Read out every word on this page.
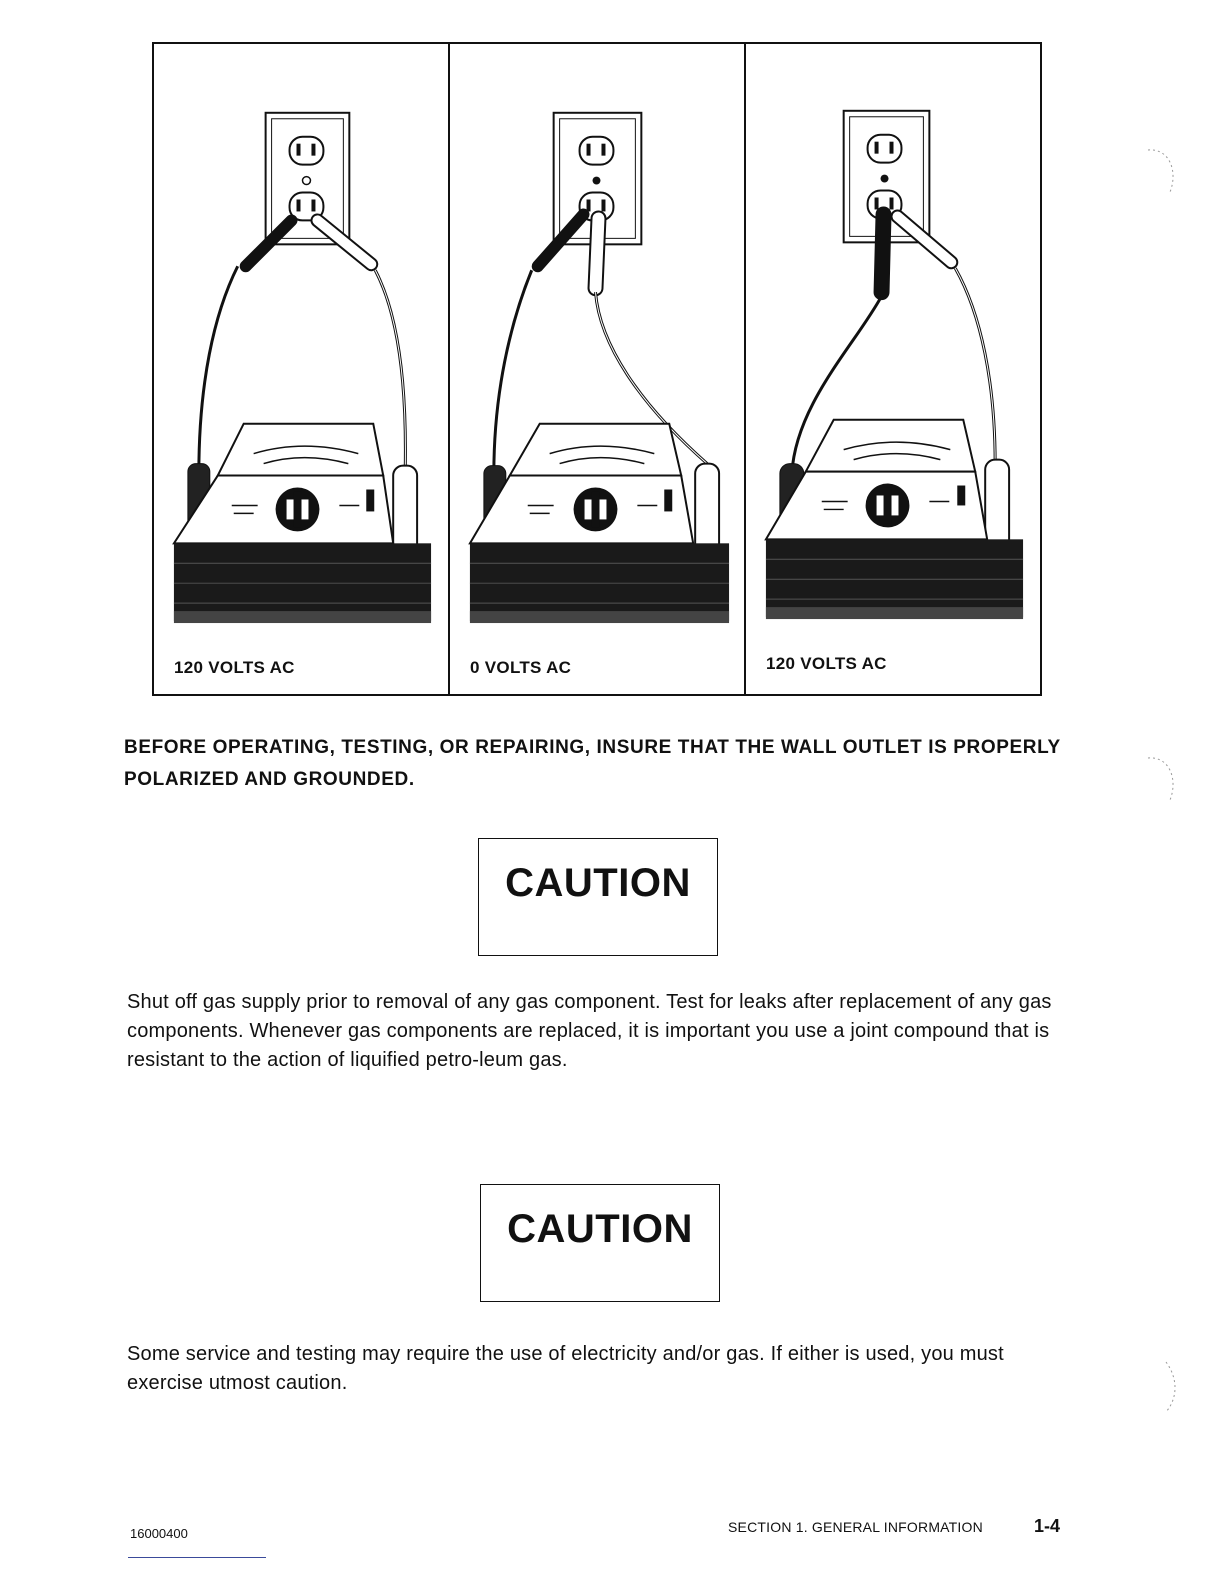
120 VOLTS AC	0 VOLTS AC	120 VOLTS AC
BEFORE OPERATING, TESTING, OR REPAIRING, INSURE THAT THE WALL OUTLET IS PROPERLY POLARIZED AND GROUNDED.
CAUTION
Shut off gas supply prior to removal of any gas component. Test for leaks after replacement of any gas components. Whenever gas components are replaced, it is important you use a joint compound that is resistant to the action of liquified petro-leum gas.
CAUTION
Some service and testing may require the use of electricity and/or gas. If either is used, you must exercise utmost caution.
16000400	SECTION 1. GENERAL INFORMATION	1-4
